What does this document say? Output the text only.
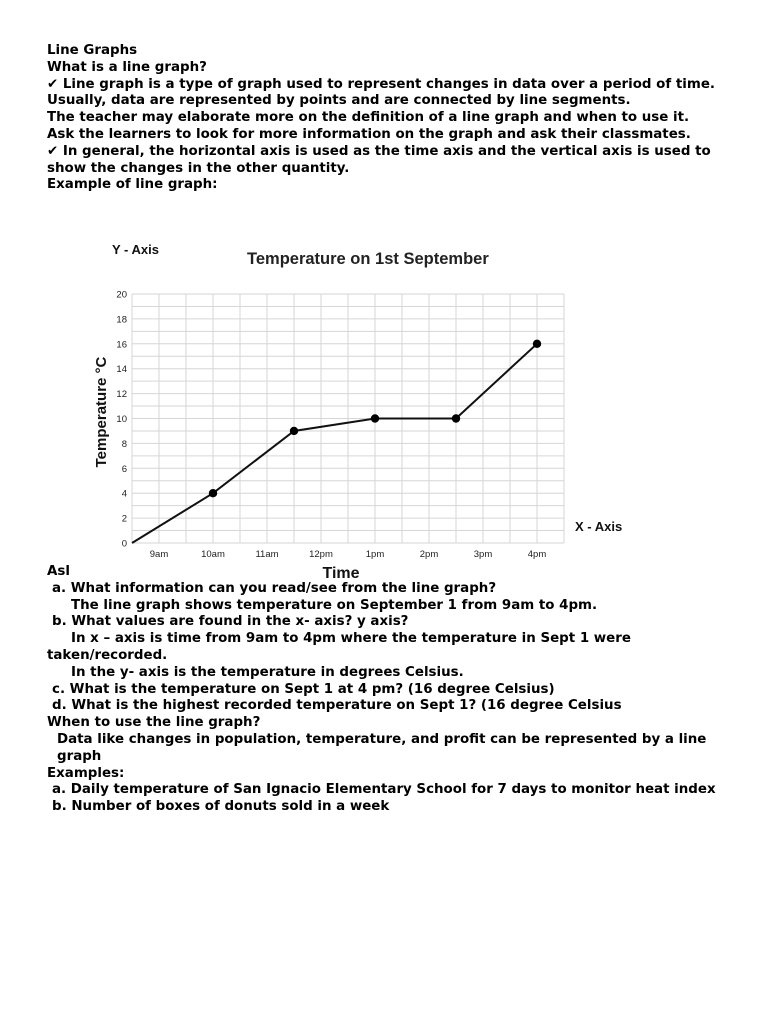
Line Graphs
What is a line graph?
✔ Line graph is a type of graph used to represent changes in data over a period of time. Usually, data are represented by points and are connected by line segments.
The teacher may elaborate more on the definition of a line graph and when to use it.
Ask the learners to look for more information on the graph and ask their classmates.
✔ In general, the horizontal axis is used as the time axis and the vertical axis is used to show the changes in the other quantity.
Example of line graph:
0
2
4
6
8
10
12
14
16
18
20
9am	10am	11am	12pm	1pm	2pm	3pm	4pm
Y - Axis
Temperature on 1st September
X - Axis
Time
Temperature °C
Asl
a. What information can you read/see from the line graph?
The line graph shows temperature on September 1 from 9am to 4pm.
b. What values are found in the x- axis? y axis?
In x – axis is time from 9am to 4pm where the temperature in Sept 1 were
taken/recorded.
In the y- axis is the temperature in degrees Celsius.
c. What is the temperature on Sept 1 at 4 pm? (16 degree Celsius)
d. What is the highest recorded temperature on Sept 1? (16 degree Celsius
When to use the line graph?
Data like changes in population, temperature, and profit can be represented by a line graph
Examples:
a. Daily temperature of San Ignacio Elementary School for 7 days to monitor heat index
b. Number of boxes of donuts sold in a week
